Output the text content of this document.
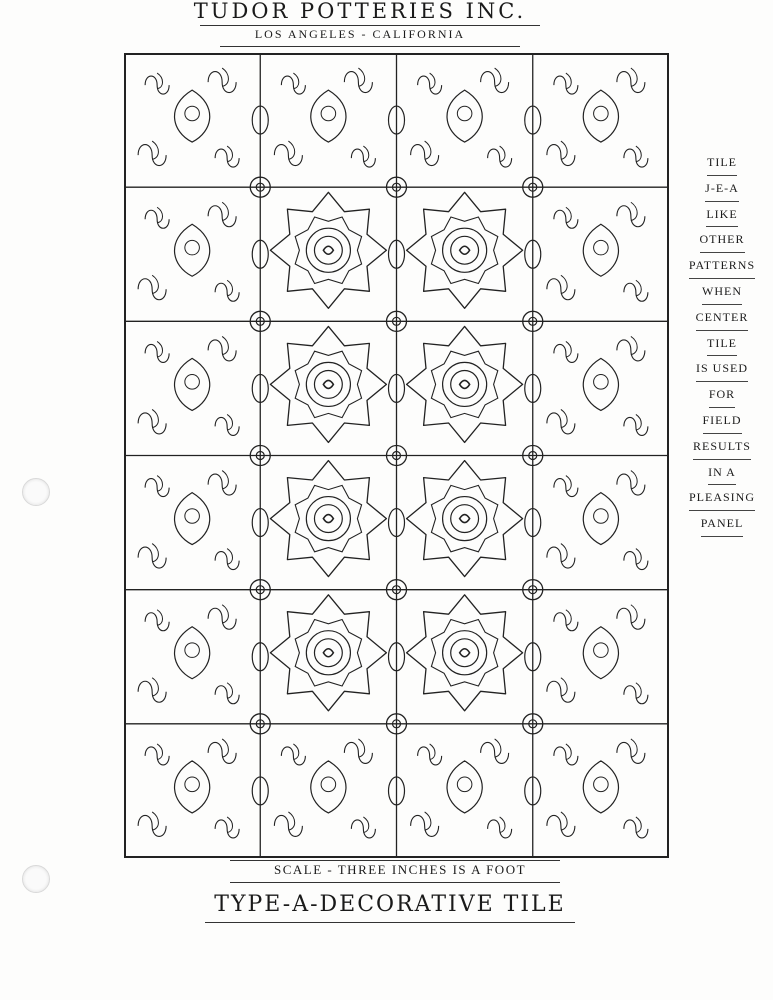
TUDOR POTTERIES INC.
LOS ANGELES - CALIFORNIA
TILE
J-E-A
LIKE
OTHER
PATTERNS
WHEN
CENTER
TILE
IS USED
FOR
FIELD
RESULTS
IN A
PLEASING
PANEL
SCALE - THREE INCHES IS A FOOT
TYPE-A-DECORATIVE TILE
